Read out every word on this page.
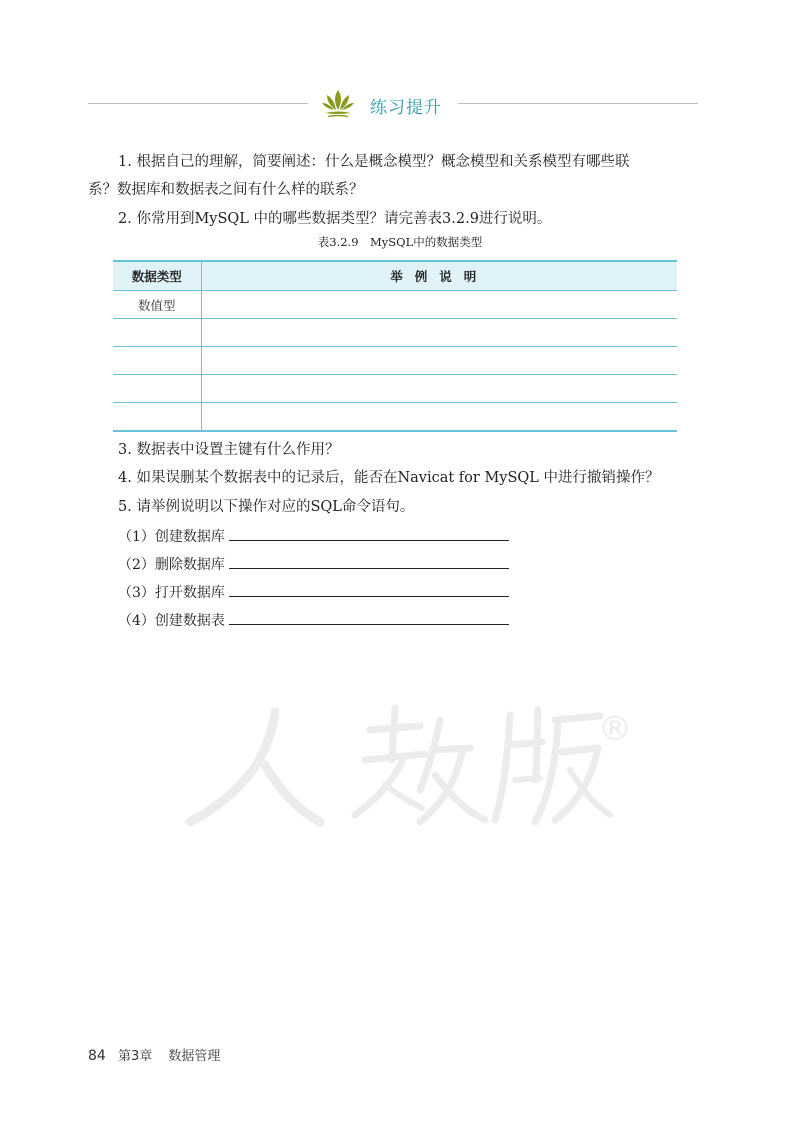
练习提升
1. 根据自己的理解，简要阐述：什么是概念模型？概念模型和关系模型有哪些联
系？数据库和数据表之间有什么样的联系？
2. 你常用到MySQL 中的哪些数据类型？请完善表3.2.9进行说明。
表3.2.9　MySQL中的数据类型
数据类型	举例说明
数值型	

3. 数据表中设置主键有什么作用？
4. 如果误删某个数据表中的记录后，能否在Navicat for MySQL 中进行撤销操作？
5. 请举例说明以下操作对应的SQL命令语句。
（1）创建数据库
（2）删除数据库
（3）打开数据库
（4）创建数据表
®
84 第3章 数据管理
